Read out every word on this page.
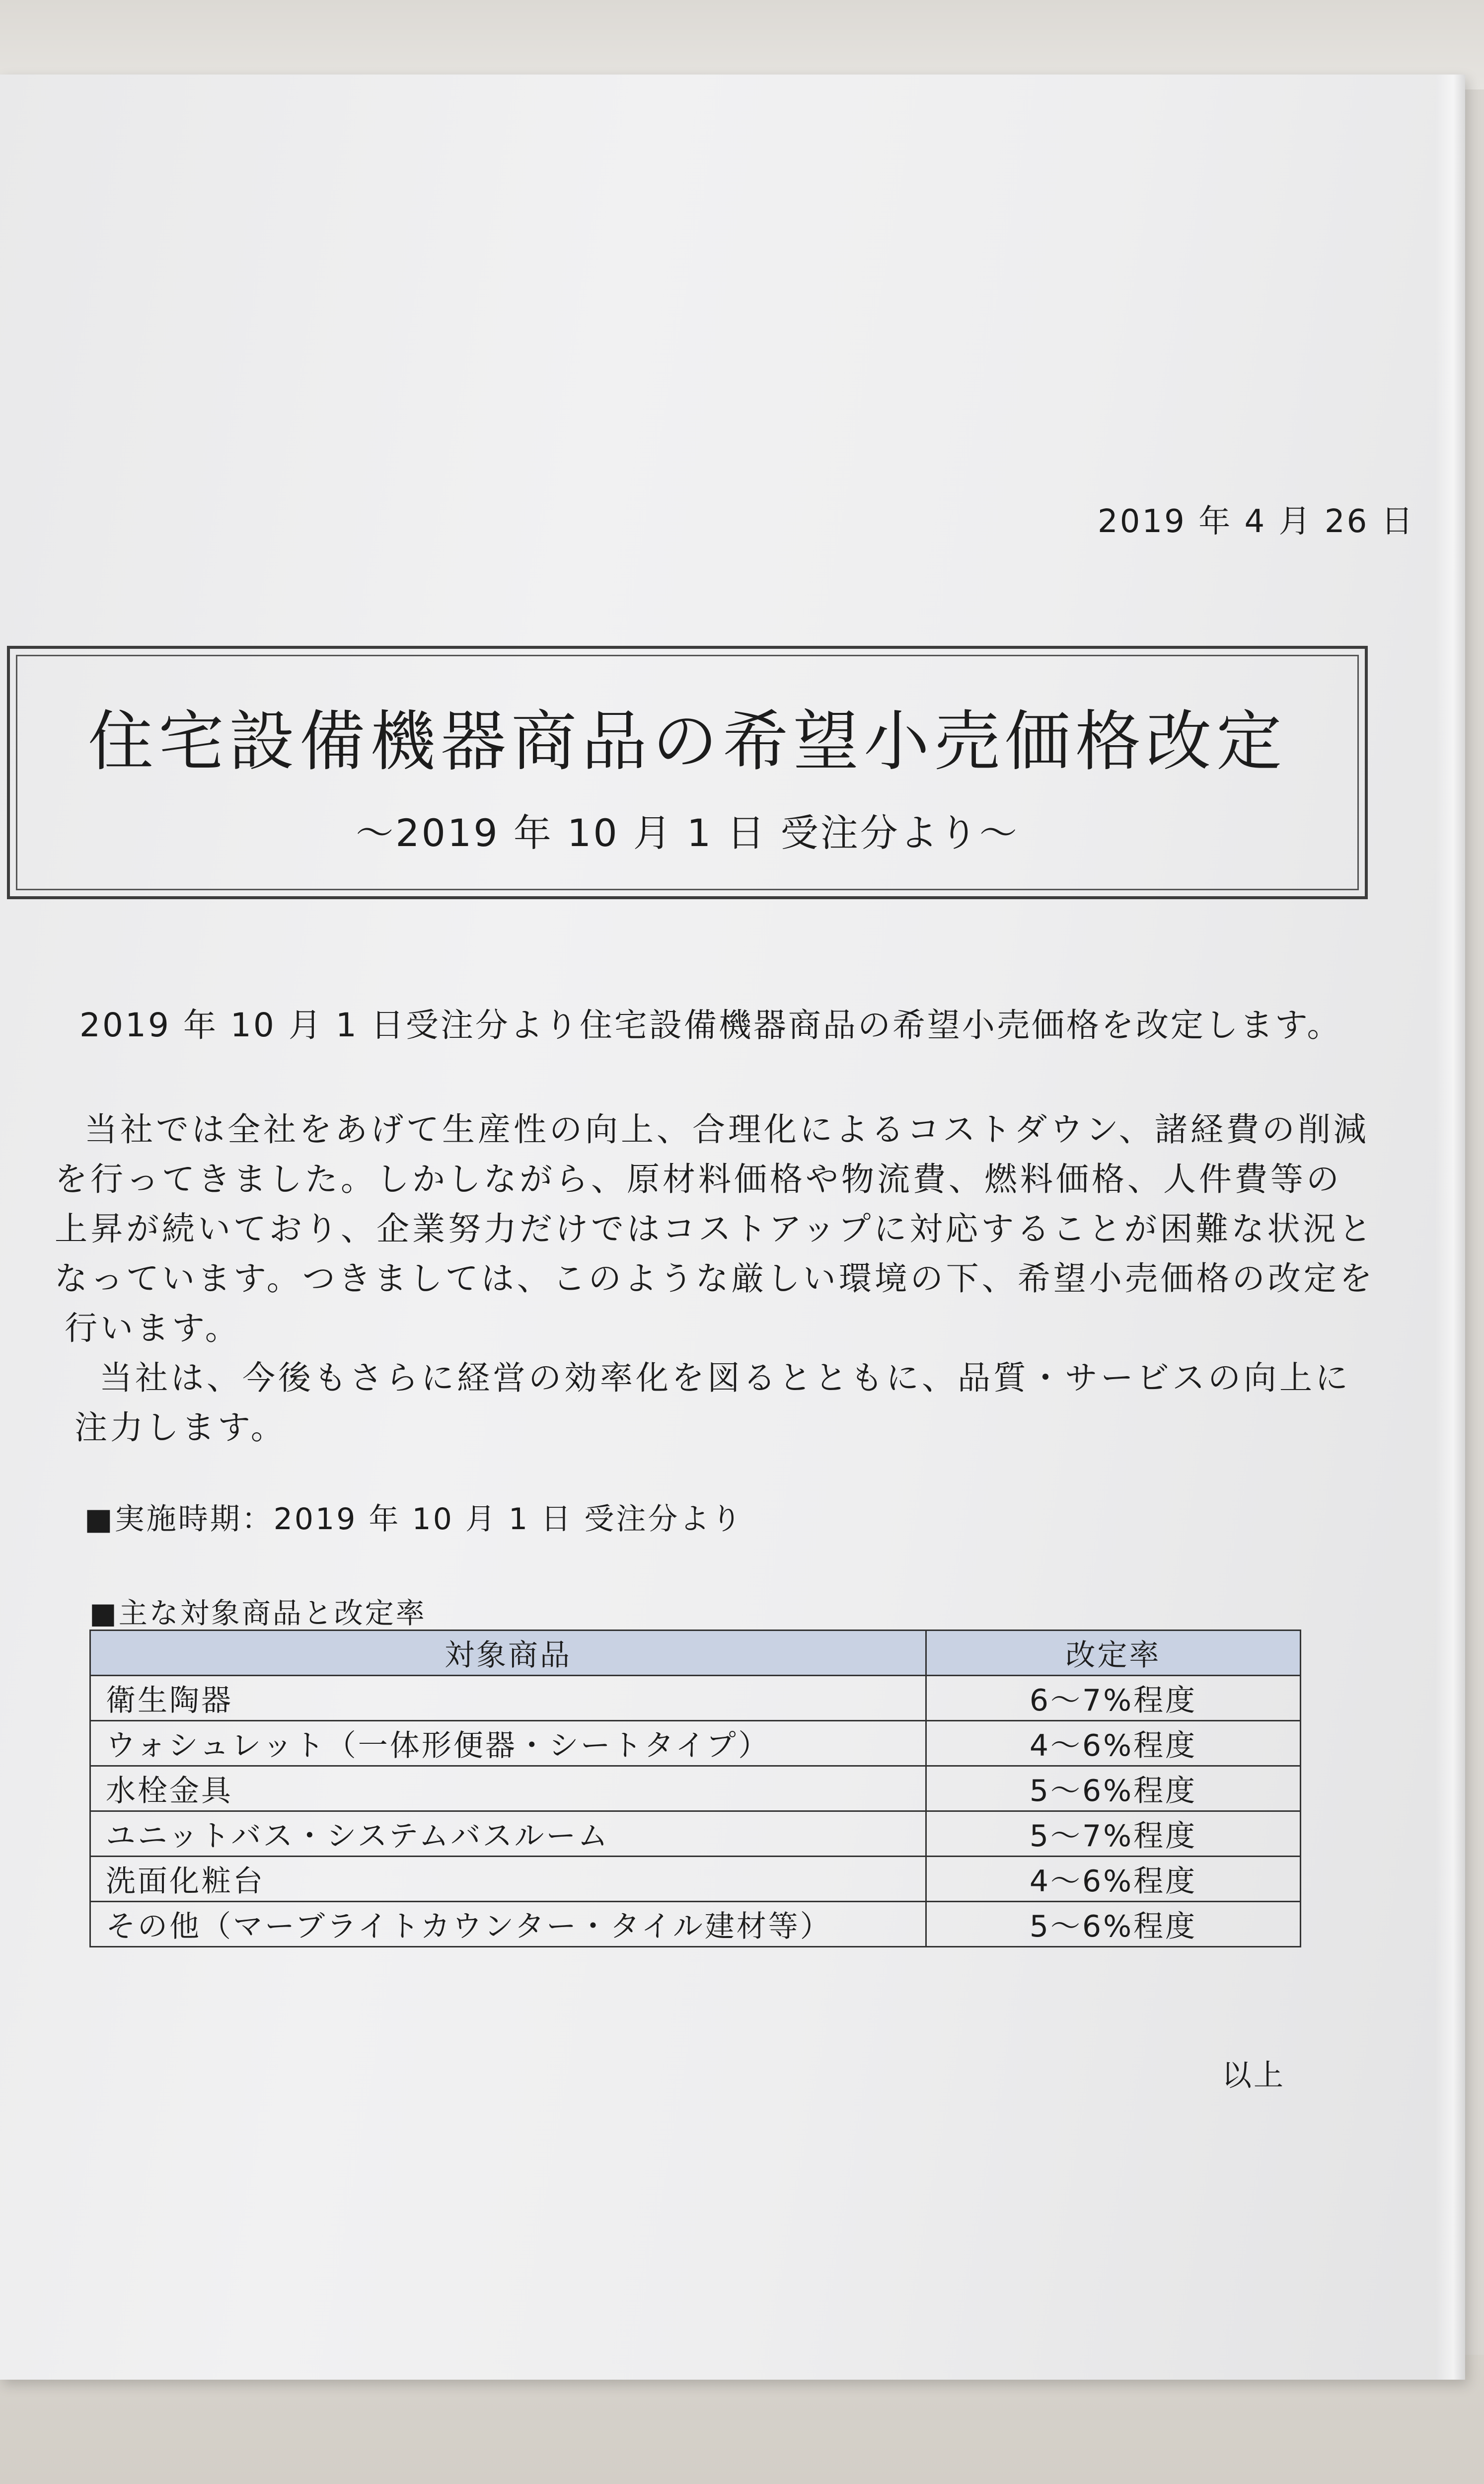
2019 年 4 月 26 日
住宅設備機器商品の希望小売価格改定
～2019 年 10 月 1 日 受注分より～
2019 年 10 月 1 日受注分より住宅設備機器商品の希望小売価格を改定します。
当社では全社をあげて生産性の向上、合理化によるコストダウン、諸経費の削減
を行ってきました。しかしながら、原材料価格や物流費、燃料価格、人件費等の
上昇が続いており、企業努力だけではコストアップに対応することが困難な状況と
なっています。つきましては、このような厳しい環境の下、希望小売価格の改定を
行います。
当社は、今後もさらに経営の効率化を図るとともに、品質・サービスの向上に
注力します。
■実施時期：2019 年 10 月 1 日 受注分より
■主な対象商品と改定率
対象商品	改定率
衛生陶器	6～7%程度
ウォシュレット（一体形便器・シートタイプ）	4～6%程度
水栓金具	5～6%程度
ユニットバス・システムバスルーム	5～7%程度
洗面化粧台	4～6%程度
その他（マーブライトカウンター・タイル建材等）	5～6%程度
以上
